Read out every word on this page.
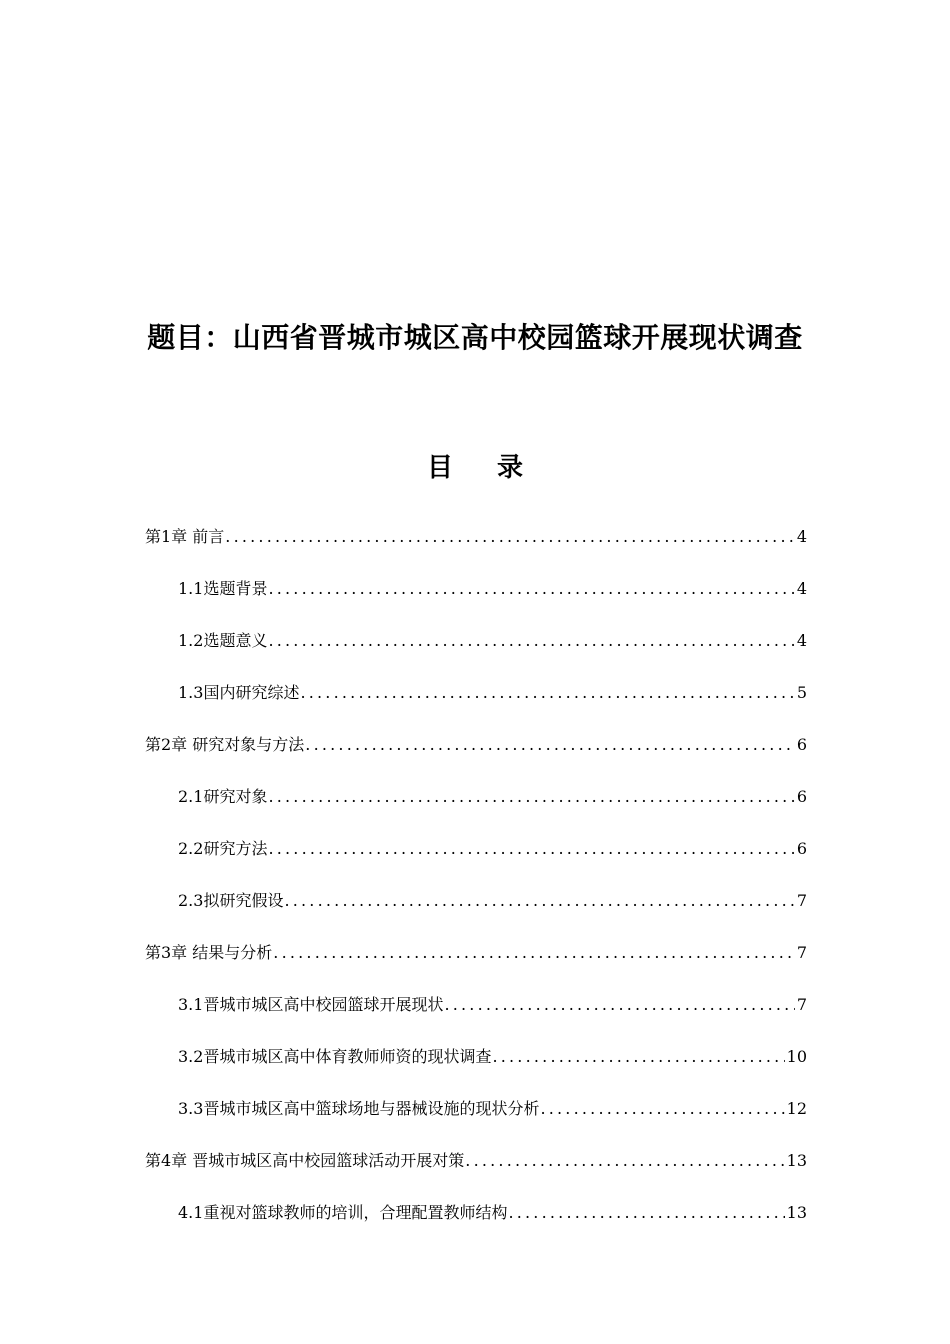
题目：山西省晋城市城区高中校园篮球开展现状调查
目 录
第1章 前言 .....	4
1.1选题背景 .....	4
1.2选题意义 .....	4
1.3国内研究综述 .....	5
第2章 研究对象与方法 .....	6
2.1研究对象 .....	6
2.2研究方法 .....	6
2.3拟研究假设 .....	7
第3章 结果与分析 .....	7
3.1晋城市城区高中校园篮球开展现状 .....	7
3.2晋城市城区高中体育教师师资的现状调查 .....	10
3.3晋城市城区高中篮球场地与器械设施的现状分析 .....	12
第4章 晋城市城区高中校园篮球活动开展对策 .....	13
4.1重视对篮球教师的培训，合理配置教师结构 .....	13
